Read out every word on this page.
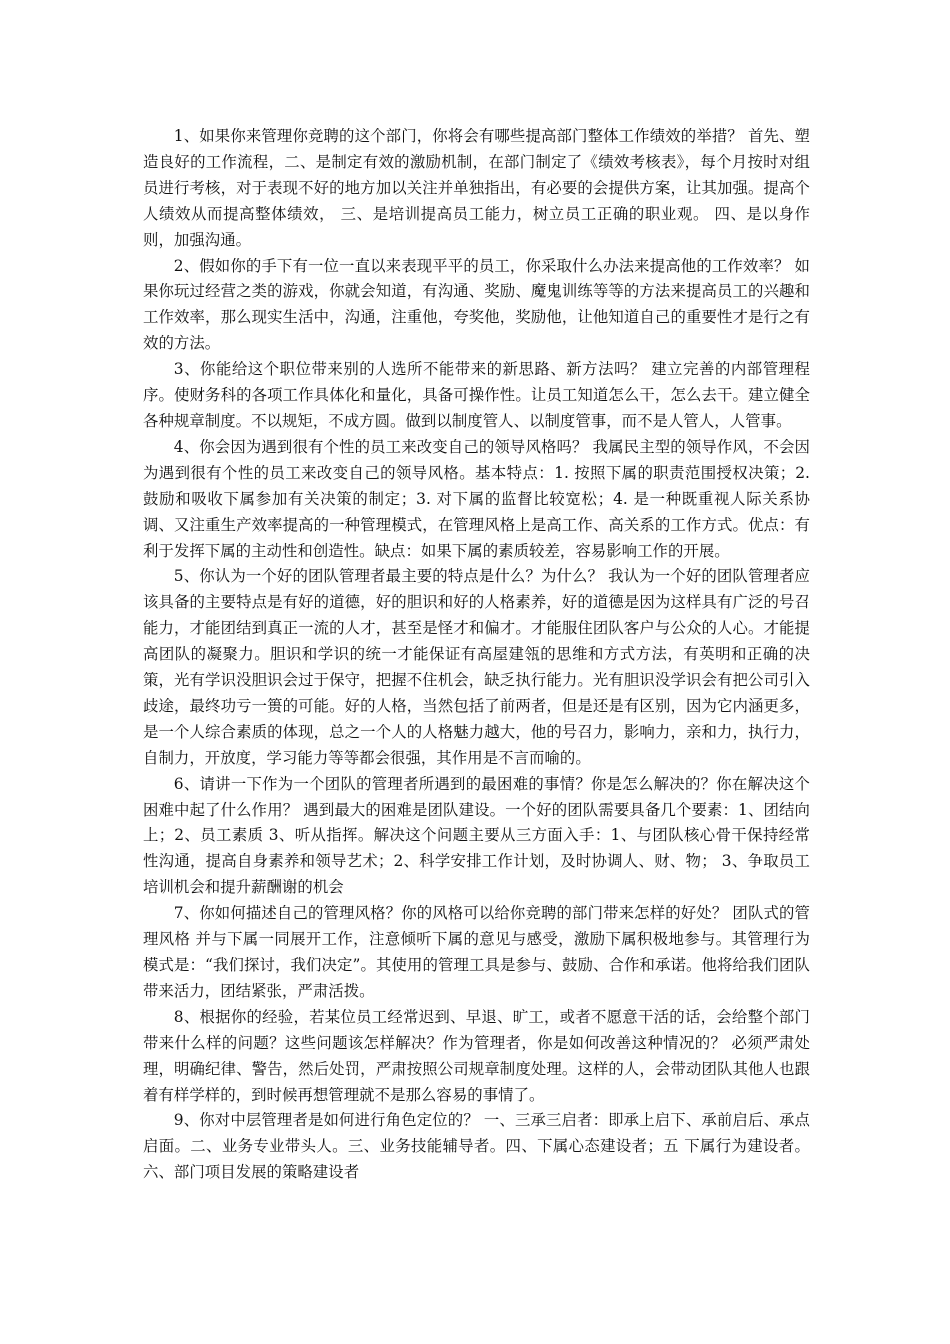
1、如果你来管理你竞聘的这个部门，你将会有哪些提高部门整体工作绩效的举措？ 首先、塑造良好的工作流程，二、是制定有效的激励机制，在部门制定了《绩效考核表》，每个月按时对组员进行考核，对于表现不好的地方加以关注并单独指出，有必要的会提供方案，让其加强。提高个人绩效从而提高整体绩效， 三、是培训提高员工能力，树立员工正确的职业观。 四、是以身作则，加强沟通。

2、假如你的手下有一位一直以来表现平平的员工，你采取什么办法来提高他的工作效率？ 如果你玩过经营之类的游戏，你就会知道，有沟通、奖励、魔鬼训练等等的方法来提高员工的兴趣和工作效率，那么现实生活中，沟通，注重他，夸奖他，奖励他，让他知道自己的重要性才是行之有效的方法。

3、你能给这个职位带来别的人选所不能带来的新思路、新方法吗？ 建立完善的内部管理程序。使财务科的各项工作具体化和量化，具备可操作性。让员工知道怎么干，怎么去干。建立健全各种规章制度。不以规矩，不成方圆。做到以制度管人、以制度管事，而不是人管人，人管事。

4、你会因为遇到很有个性的员工来改变自己的领导风格吗？ 我属民主型的领导作风，不会因为遇到很有个性的员工来改变自己的领导风格。基本特点：1. 按照下属的职责范围授权决策；2. 鼓励和吸收下属参加有关决策的制定；3. 对下属的监督比较宽松；4. 是一种既重视人际关系协调、又注重生产效率提高的一种管理模式，在管理风格上是高工作、高关系的工作方式。优点：有利于发挥下属的主动性和创造性。缺点：如果下属的素质较差，容易影响工作的开展。

5、你认为一个好的团队管理者最主要的特点是什么？为什么？ 我认为一个好的团队管理者应该具备的主要特点是有好的道德，好的胆识和好的人格素养，好的道德是因为这样具有广泛的号召能力，才能团结到真正一流的人才，甚至是怪才和偏才。才能服住团队客户与公众的人心。才能提高团队的凝聚力。胆识和学识的统一才能保证有高屋建瓴的思维和方式方法，有英明和正确的决策，光有学识没胆识会过于保守，把握不住机会，缺乏执行能力。光有胆识没学识会有把公司引入歧途，最终功亏一篑的可能。好的人格，当然包括了前两者，但是还是有区别，因为它内涵更多，是一个人综合素质的体现，总之一个人的人格魅力越大，他的号召力，影响力，亲和力，执行力，自制力，开放度，学习能力等等都会很强，其作用是不言而喻的。

6、请讲一下作为一个团队的管理者所遇到的最困难的事情？你是怎么解决的？你在解决这个困难中起了什么作用？ 遇到最大的困难是团队建设。一个好的团队需要具备几个要素：1、团结向上；2、员工素质 3、听从指挥。解决这个问题主要从三方面入手：1、与团队核心骨干保持经常性沟通，提高自身素养和领导艺术；2、科学安排工作计划，及时协调人、财、物； 3、争取员工培训机会和提升薪酬谢的机会

7、你如何描述自己的管理风格？你的风格可以给你竞聘的部门带来怎样的好处？ 团队式的管理风格 并与下属一同展开工作，注意倾听下属的意见与感受，激励下属积极地参与。其管理行为模式是：“我们探讨，我们决定”。其使用的管理工具是参与、鼓励、合作和承诺。他将给我们团队带来活力，团结紧张，严肃活拨。

8、根据你的经验，若某位员工经常迟到、早退、旷工，或者不愿意干活的话，会给整个部门带来什么样的问题？这些问题该怎样解决？作为管理者，你是如何改善这种情况的？ 必须严肃处理，明确纪律、警告，然后处罚，严肃按照公司规章制度处理。这样的人，会带动团队其他人也跟着有样学样的，到时候再想管理就不是那么容易的事情了。

9、你对中层管理者是如何进行角色定位的？ 一、三承三启者：即承上启下、承前启后、承点启面。二、业务专业带头人。三、业务技能辅导者。四、下属心态建设者；五 下属行为建设者。 六、部门项目发展的策略建设者
